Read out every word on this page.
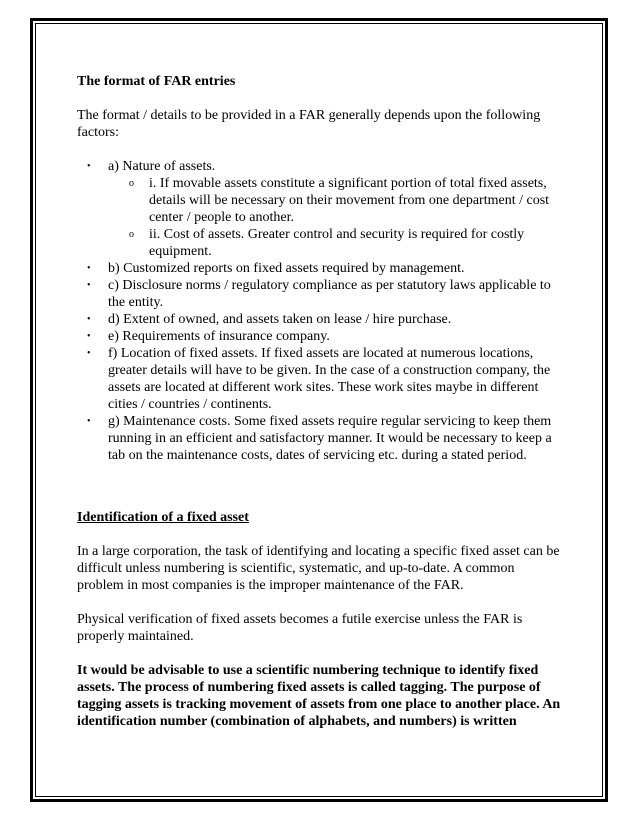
The format of FAR entries

The format / details to be provided in a FAR generally depends upon the following factors:

• a) Nature of assets.
o i. If movable assets constitute a significant portion of total fixed assets, details will be necessary on their movement from one department / cost center / people to another.
o ii. Cost of assets. Greater control and security is required for costly equipment.
• b) Customized reports on fixed assets required by management.
• c) Disclosure norms / regulatory compliance as per statutory laws applicable to the entity.
• d) Extent of owned, and assets taken on lease / hire purchase.
• e) Requirements of insurance company.
• f) Location of fixed assets. If fixed assets are located at numerous locations, greater details will have to be given. In the case of a construction company, the assets are located at different work sites. These work sites maybe in different cities / countries / continents.
• g) Maintenance costs. Some fixed assets require regular servicing to keep them running in an efficient and satisfactory manner. It would be necessary to keep a tab on the maintenance costs, dates of servicing etc. during a stated period.
Identification of a fixed asset

In a large corporation, the task of identifying and locating a specific fixed asset can be difficult unless numbering is scientific, systematic, and up-to-date. A common problem in most companies is the improper maintenance of the FAR.

Physical verification of fixed assets becomes a futile exercise unless the FAR is properly maintained.

It would be advisable to use a scientific numbering technique to identify fixed assets. The process of numbering fixed assets is called tagging. The purpose of tagging assets is tracking movement of assets from one place to another place. An identification number (combination of alphabets, and numbers) is written
